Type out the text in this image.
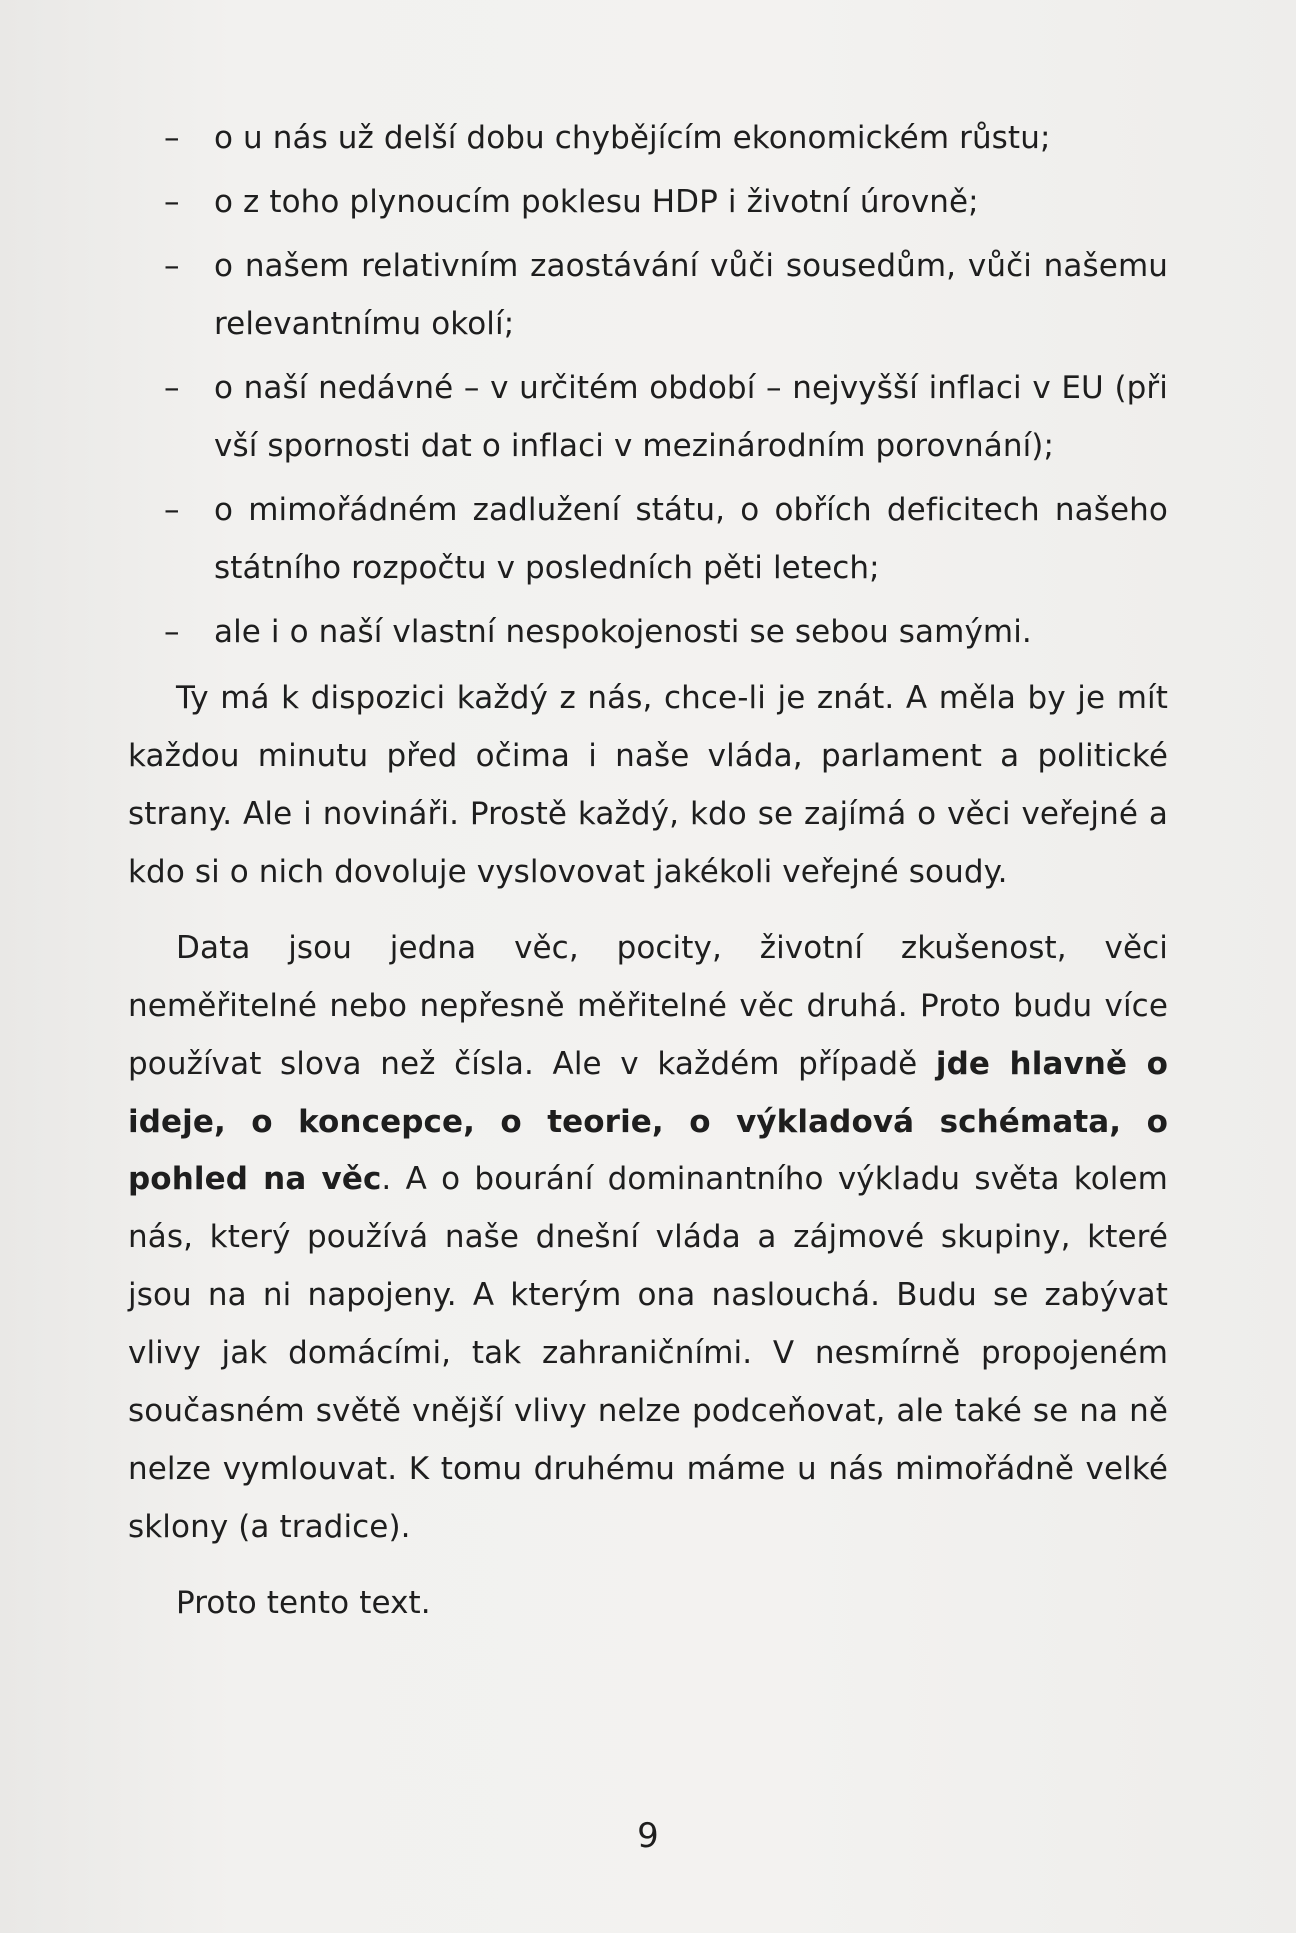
– o u nás už delší dobu chybějícím ekonomickém růstu;
– o z toho plynoucím poklesu HDP i životní úrovně;
– o našem relativním zaostávání vůči sousedům, vůči našemu relevantnímu okolí;
– o naší nedávné – v určitém období – nejvyšší inflaci v EU (při vší spornosti dat o inflaci v mezinárodním porovnání);
– o mimořádném zadlužení státu, o obřích deficitech našeho státního rozpočtu v posledních pěti letech;
– ale i o naší vlastní nespokojenosti se sebou samými.

Ty má k dispozici každý z nás, chce-li je znát. A měla by je mít každou minutu před očima i naše vláda, parlament a politické strany. Ale i novináři. Prostě každý, kdo se zajímá o věci veřejné a kdo si o nich dovoluje vyslovovat jakékoli veřejné soudy.

Data jsou jedna věc, pocity, životní zkušenost, věci neměřitelné nebo nepřesně měřitelné věc druhá. Proto budu více používat slova než čísla. Ale v každém případě jde hlavně o ideje, o koncepce, o teorie, o výkladová schémata, o pohled na věc. A o bourání dominantního výkladu světa kolem nás, který používá naše dnešní vláda a zájmové skupiny, které jsou na ni napojeny. A kterým ona naslouchá. Budu se zabývat vlivy jak domácími, tak zahraničními. V nesmírně propojeném současném světě vnější vlivy nelze podceňovat, ale také se na ně nelze vymlouvat. K tomu druhému máme u nás mimořádně velké sklony (a tradice).

Proto tento text.

9
